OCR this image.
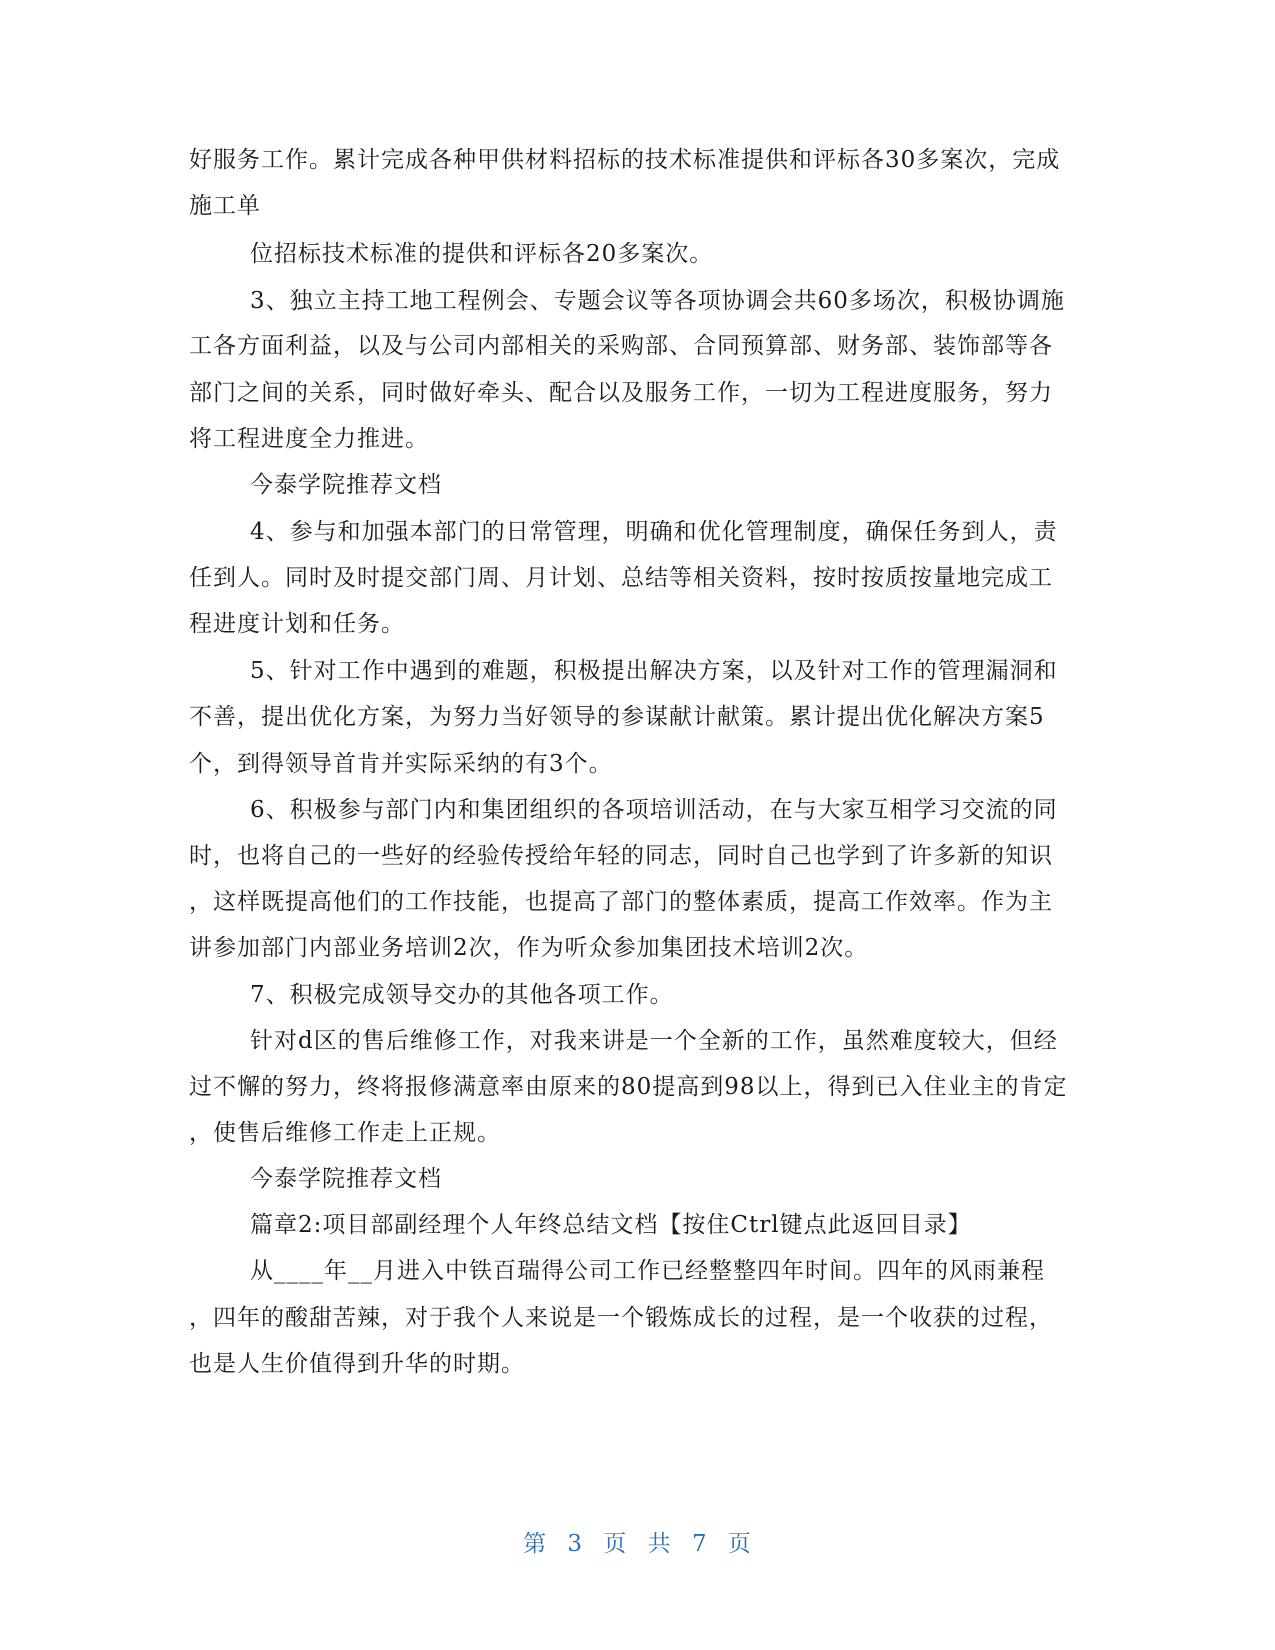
好服务工作。累计完成各种甲供材料招标的技术标准提供和评标各30多案次，完成
施工单
位招标技术标准的提供和评标各20多案次。
3、独立主持工地工程例会、专题会议等各项协调会共60多场次，积极协调施
工各方面利益，以及与公司内部相关的采购部、合同预算部、财务部、装饰部等各
部门之间的关系，同时做好牵头、配合以及服务工作，一切为工程进度服务，努力
将工程进度全力推进。
今泰学院推荐文档
4、参与和加强本部门的日常管理，明确和优化管理制度，确保任务到人，责
任到人。同时及时提交部门周、月计划、总结等相关资料，按时按质按量地完成工
程进度计划和任务。
5、针对工作中遇到的难题，积极提出解决方案，以及针对工作的管理漏洞和
不善，提出优化方案，为努力当好领导的参谋献计献策。累计提出优化解决方案5
个，到得领导首肯并实际采纳的有3个。
6、积极参与部门内和集团组织的各项培训活动，在与大家互相学习交流的同
时，也将自己的一些好的经验传授给年轻的同志，同时自己也学到了许多新的知识
，这样既提高他们的工作技能，也提高了部门的整体素质，提高工作效率。作为主
讲参加部门内部业务培训2次，作为听众参加集团技术培训2次。
7、积极完成领导交办的其他各项工作。
针对d区的售后维修工作，对我来讲是一个全新的工作，虽然难度较大，但经
过不懈的努力，终将报修满意率由原来的80提高到98以上，得到已入住业主的肯定
，使售后维修工作走上正规。
今泰学院推荐文档
篇章2:项目部副经理个人年终总结文档【按住Ctrl键点此返回目录】
从____年__月进入中铁百瑞得公司工作已经整整四年时间。四年的风雨兼程
，四年的酸甜苦辣，对于我个人来说是一个锻炼成长的过程，是一个收获的过程，
也是人生价值得到升华的时期。
第 3 页 共 7 页
